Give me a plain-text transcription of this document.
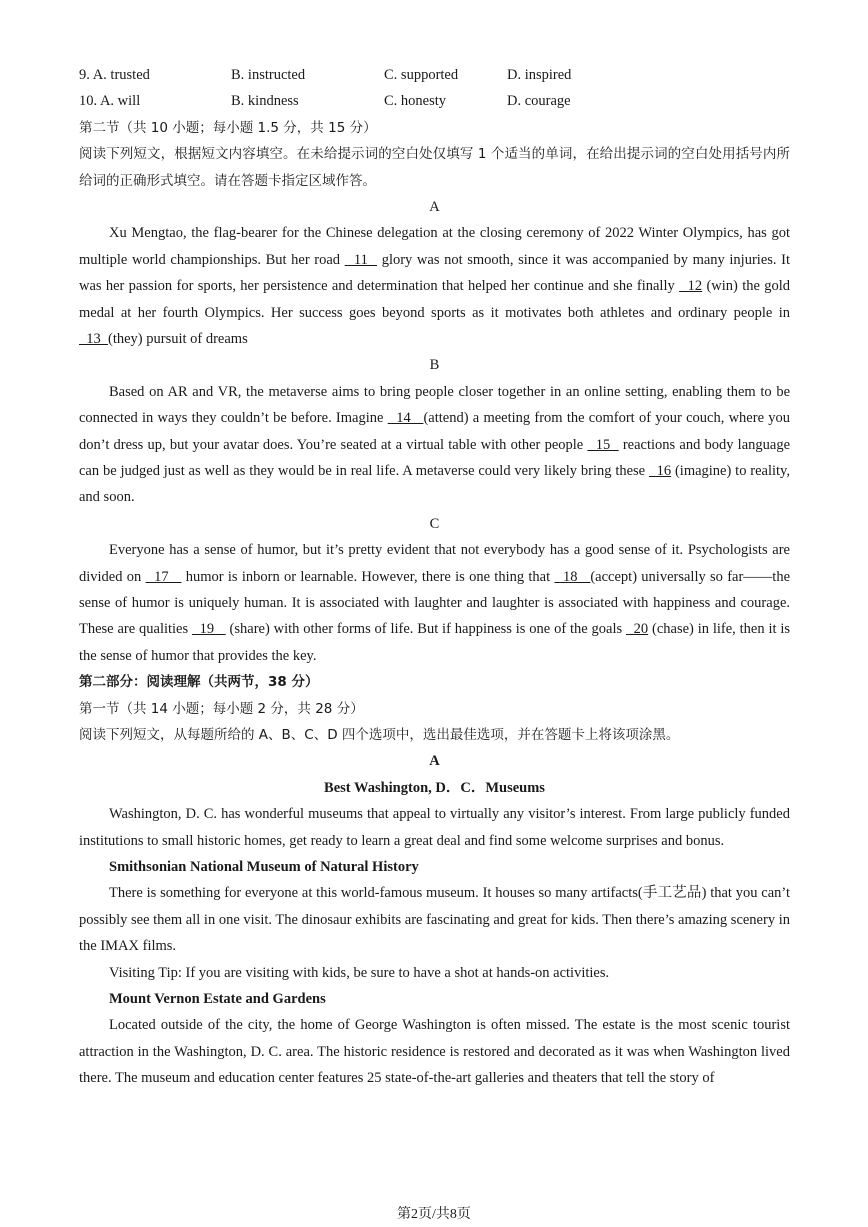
9. A. trusted	B. instructed	C. supported	D. inspired
10. A. will	B. kindness	C. honesty	D. courage
第二节（共 10 小题；每小题 1.5 分，共 15 分）

阅读下列短文，根据短文内容填空。在未给提示词的空白处仅填写 1 个适当的单词，在给出提示词的空白处用括号内所给词的正确形式填空。请在答题卡指定区域作答。

A

Xu Mengtao, the flag-bearer for the Chinese delegation at the closing ceremony of 2022 Winter Olympics, has got multiple world championships. But her road   11   glory was not smooth, since it was accompanied by many injuries. It was her passion for sports, her persistence and determination that helped her continue and she finally   12 (win) the gold medal at her fourth Olympics. Her success goes beyond sports as it motivates both athletes and ordinary people in   13  (they) pursuit of dreams

B

Based on AR and VR, the metaverse aims to bring people closer together in an online setting, enabling them to be connected in ways they couldn’t be before. Imagine   14   (attend) a meeting from the comfort of your couch, where you don’t dress up, but your avatar does. You’re seated at a virtual table with other people   15   reactions and body language can be judged just as well as they would be in real life. A metaverse could very likely bring these   16 (imagine) to reality, and soon.

C

Everyone has a sense of humor, but it’s pretty evident that not everybody has a good sense of it. Psychologists are divided on   17    humor is inborn or learnable. However, there is one thing that   18   (accept) universally so far——the sense of humor is uniquely human. It is associated with laughter and laughter is associated with happiness and courage. These are qualities   19    (share) with other forms of life. But if happiness is one of the goals   20 (chase) in life, then it is the sense of humor that provides the key.

第二部分：阅读理解（共两节，38 分）
第一节（共 14 小题；每小题 2 分，共 28 分）
阅读下列短文，从每题所给的 A、B、C、D 四个选项中，选出最佳选项，并在答题卡上将该项涂黑。
A
Best Washington, D．C．Museums

Washington, D. C. has wonderful museums that appeal to virtually any visitor’s interest. From large publicly funded institutions to small historic homes, get ready to learn a great deal and find some welcome surprises and bonus.

Smithsonian National Museum of Natural History

There is something for everyone at this world-famous museum. It houses so many artifacts(手工艺品) that you can’t possibly see them all in one visit. The dinosaur exhibits are fascinating and great for kids. Then there’s amazing scenery in the IMAX films.

Visiting Tip: If you are visiting with kids, be sure to have a shot at hands-on activities.
Mount Vernon Estate and Gardens

Located outside of the city, the home of George Washington is often missed. The estate is the most scenic tourist attraction in the Washington, D. C. area. The historic residence is restored and decorated as it was when Washington lived there. The museum and education center features 25 state-of-the-art galleries and theaters that tell the story of

第2页/共8页
